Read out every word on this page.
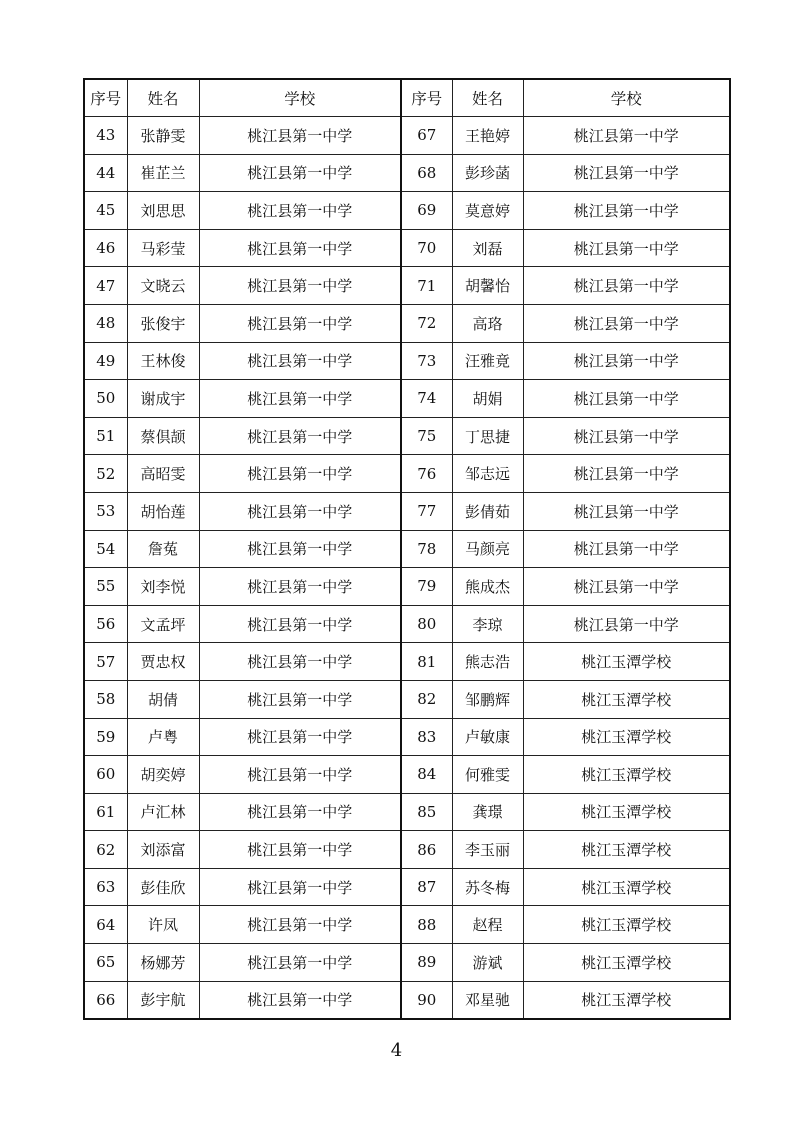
序号	姓名	学校	序号	姓名	学校
43	张静雯	桃江县第一中学	67	王艳婷	桃江县第一中学
44	崔芷兰	桃江县第一中学	68	彭珍菡	桃江县第一中学
45	刘思思	桃江县第一中学	69	莫意婷	桃江县第一中学
46	马彩莹	桃江县第一中学	70	刘磊	桃江县第一中学
47	文晓云	桃江县第一中学	71	胡馨怡	桃江县第一中学
48	张俊宇	桃江县第一中学	72	高珞	桃江县第一中学
49	王林俊	桃江县第一中学	73	汪雅竟	桃江县第一中学
50	谢成宇	桃江县第一中学	74	胡娟	桃江县第一中学
51	蔡倶颉	桃江县第一中学	75	丁思捷	桃江县第一中学
52	高昭雯	桃江县第一中学	76	邹志远	桃江县第一中学
53	胡怡莲	桃江县第一中学	77	彭倩茹	桃江县第一中学
54	詹菟	桃江县第一中学	78	马颜亮	桃江县第一中学
55	刘李悦	桃江县第一中学	79	熊成杰	桃江县第一中学
56	文孟坪	桃江县第一中学	80	李琼	桃江县第一中学
57	贾忠权	桃江县第一中学	81	熊志浩	桃江玉潭学校
58	胡倩	桃江县第一中学	82	邹鹏辉	桃江玉潭学校
59	卢粤	桃江县第一中学	83	卢敏康	桃江玉潭学校
60	胡奕婷	桃江县第一中学	84	何雅雯	桃江玉潭学校
61	卢汇林	桃江县第一中学	85	龚璟	桃江玉潭学校
62	刘添富	桃江县第一中学	86	李玉丽	桃江玉潭学校
63	彭佳欣	桃江县第一中学	87	苏冬梅	桃江玉潭学校
64	许凤	桃江县第一中学	88	赵程	桃江玉潭学校
65	杨娜芳	桃江县第一中学	89	游斌	桃江玉潭学校
66	彭宇航	桃江县第一中学	90	邓星驰	桃江玉潭学校
4
